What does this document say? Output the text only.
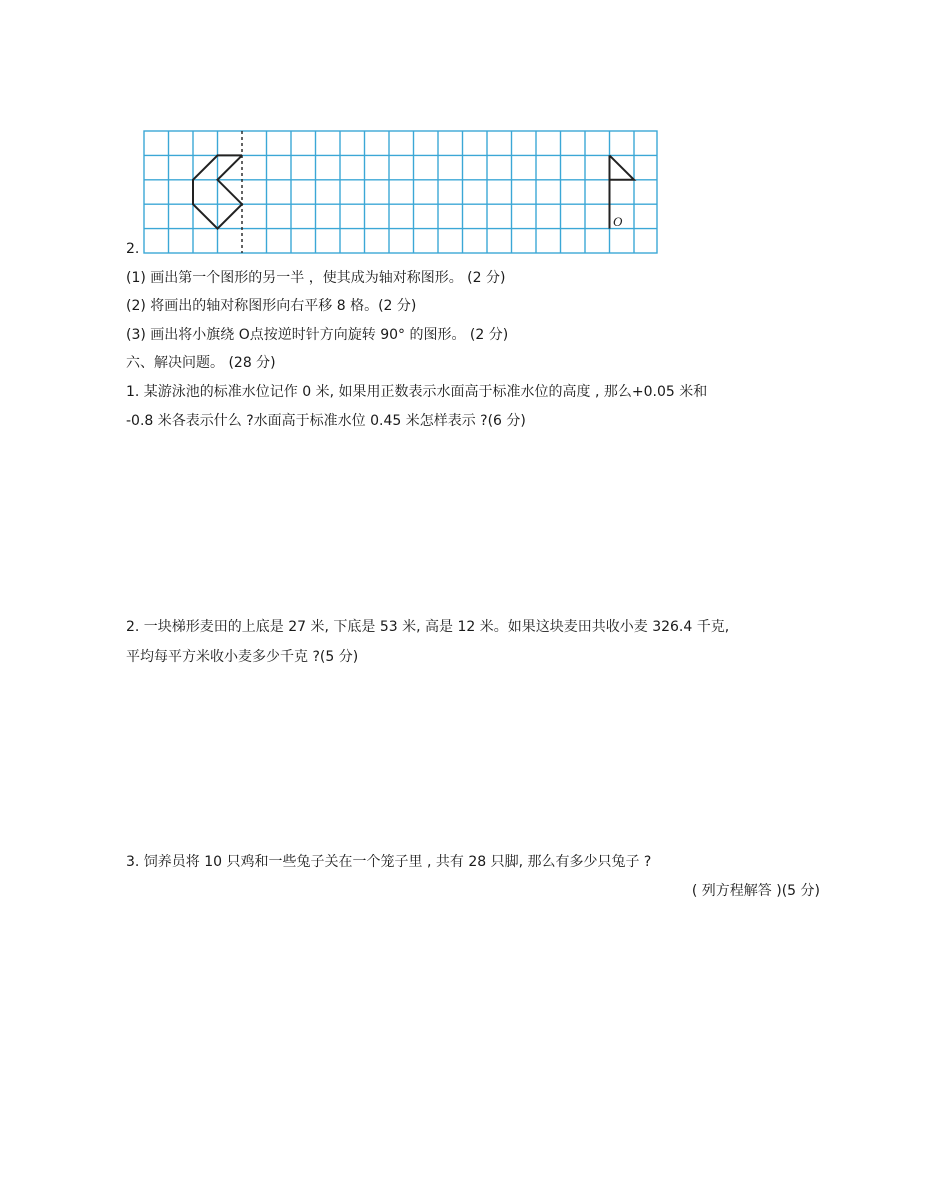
O
2.
(1) 画出第一个图形的另一半 ，使其成为轴对称图形。 (2 分)
(2) 将画出的轴对称图形向右平移 8 格。(2 分)
(3) 画出将小旗绕 O点按逆时针方向旋转 90° 的图形。 (2 分)
六、解决问题。 (28 分)
1. 某游泳池的标准水位记作 0 米, 如果用正数表示水面高于标准水位的高度 , 那么+0.05 米和
-0.8 米各表示什么 ?水面高于标准水位 0.45 米怎样表示 ?(6 分)
2. 一块梯形麦田的上底是 27 米, 下底是 53 米, 高是 12 米。如果这块麦田共收小麦 326.4 千克,
平均每平方米收小麦多少千克 ?(5 分)
3. 饲养员将 10 只鸡和一些兔子关在一个笼子里 , 共有 28 只脚, 那么有多少只兔子 ?
( 列方程解答 )(5 分)
